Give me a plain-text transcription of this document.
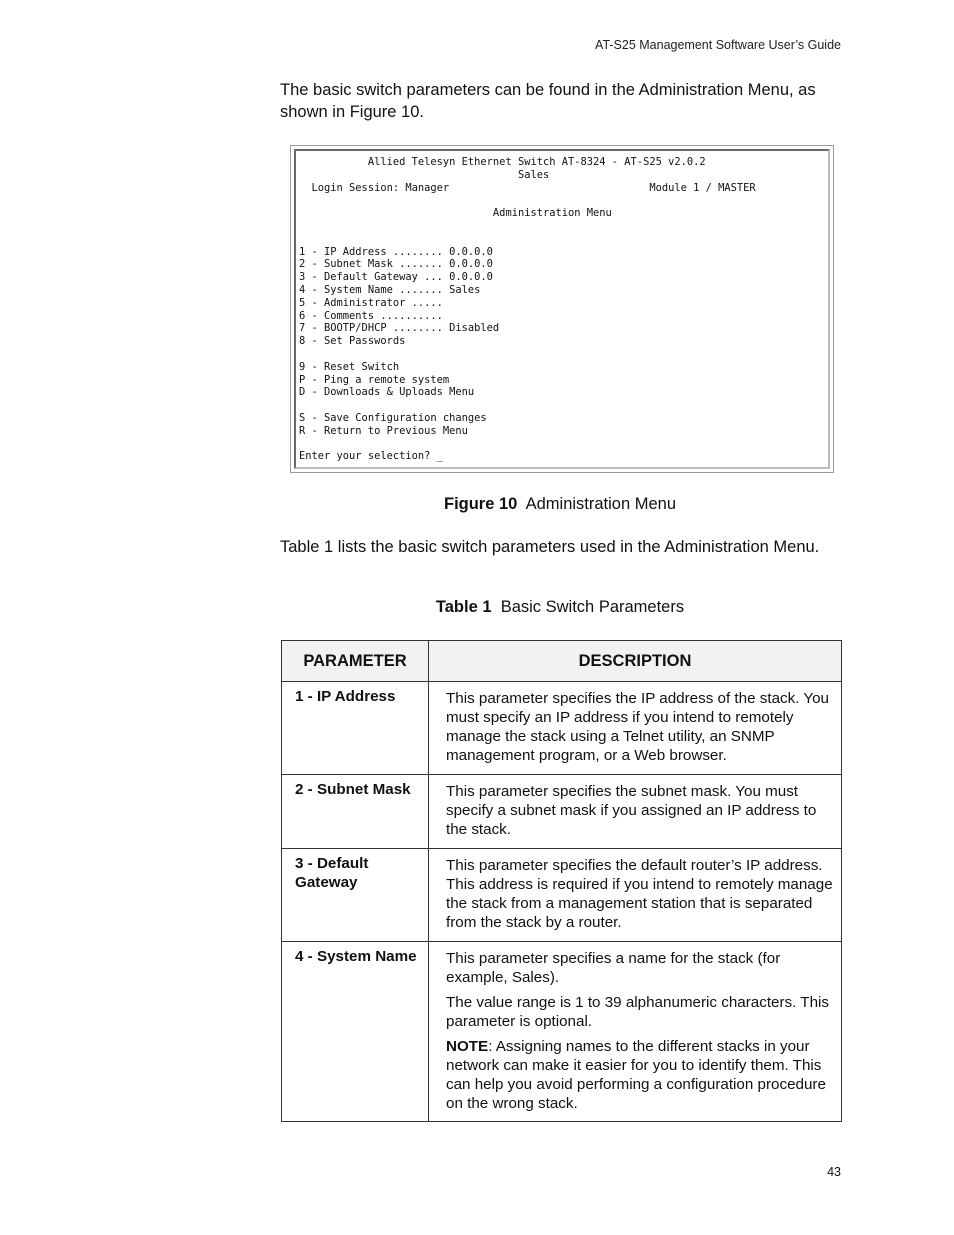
AT-S25 Management Software User’s Guide

The basic switch parameters can be found in the Administration Menu, as shown in Figure 10.

Allied Telesyn Ethernet Switch AT-8324 - AT-S25 v2.0.2
Sales
Login Session: Manager                                Module 1 / MASTER

Administration Menu

1 - IP Address ........ 0.0.0.0
2 - Subnet Mask ....... 0.0.0.0
3 - Default Gateway ... 0.0.0.0
4 - System Name ....... Sales
5 - Administrator .....
6 - Comments ..........
7 - BOOTP/DHCP ........ Disabled
8 - Set Passwords

9 - Reset Switch
P - Ping a remote system
D - Downloads & Uploads Menu

S - Save Configuration changes
R - Return to Previous Menu

Enter your selection? _
Figure 10 Administration Menu

Table 1 lists the basic switch parameters used in the Administration Menu.

Table 1 Basic Switch Parameters
PARAMETER	DESCRIPTION
1 - IP Address	This parameter specifies the IP address of the stack. You must specify an IP address if you intend to remotely manage the stack using a Telnet utility, an SNMP management program, or a Web browser.

2 - Subnet Mask	This parameter specifies the subnet mask. You must specify a subnet mask if you assigned an IP address to the stack.

3 - Default Gateway	This parameter specifies the default router’s IP address. This address is required if you intend to remotely manage the stack from a management station that is separated from the stack by a router.

4 - System Name	This parameter specifies a name for the stack (for example, Sales).

The value range is 1 to 39 alphanumeric characters. This parameter is optional.

NOTE: Assigning names to the different stacks in your network can make it easier for you to identify them. This can help you avoid performing a configuration procedure on the wrong stack.

43
